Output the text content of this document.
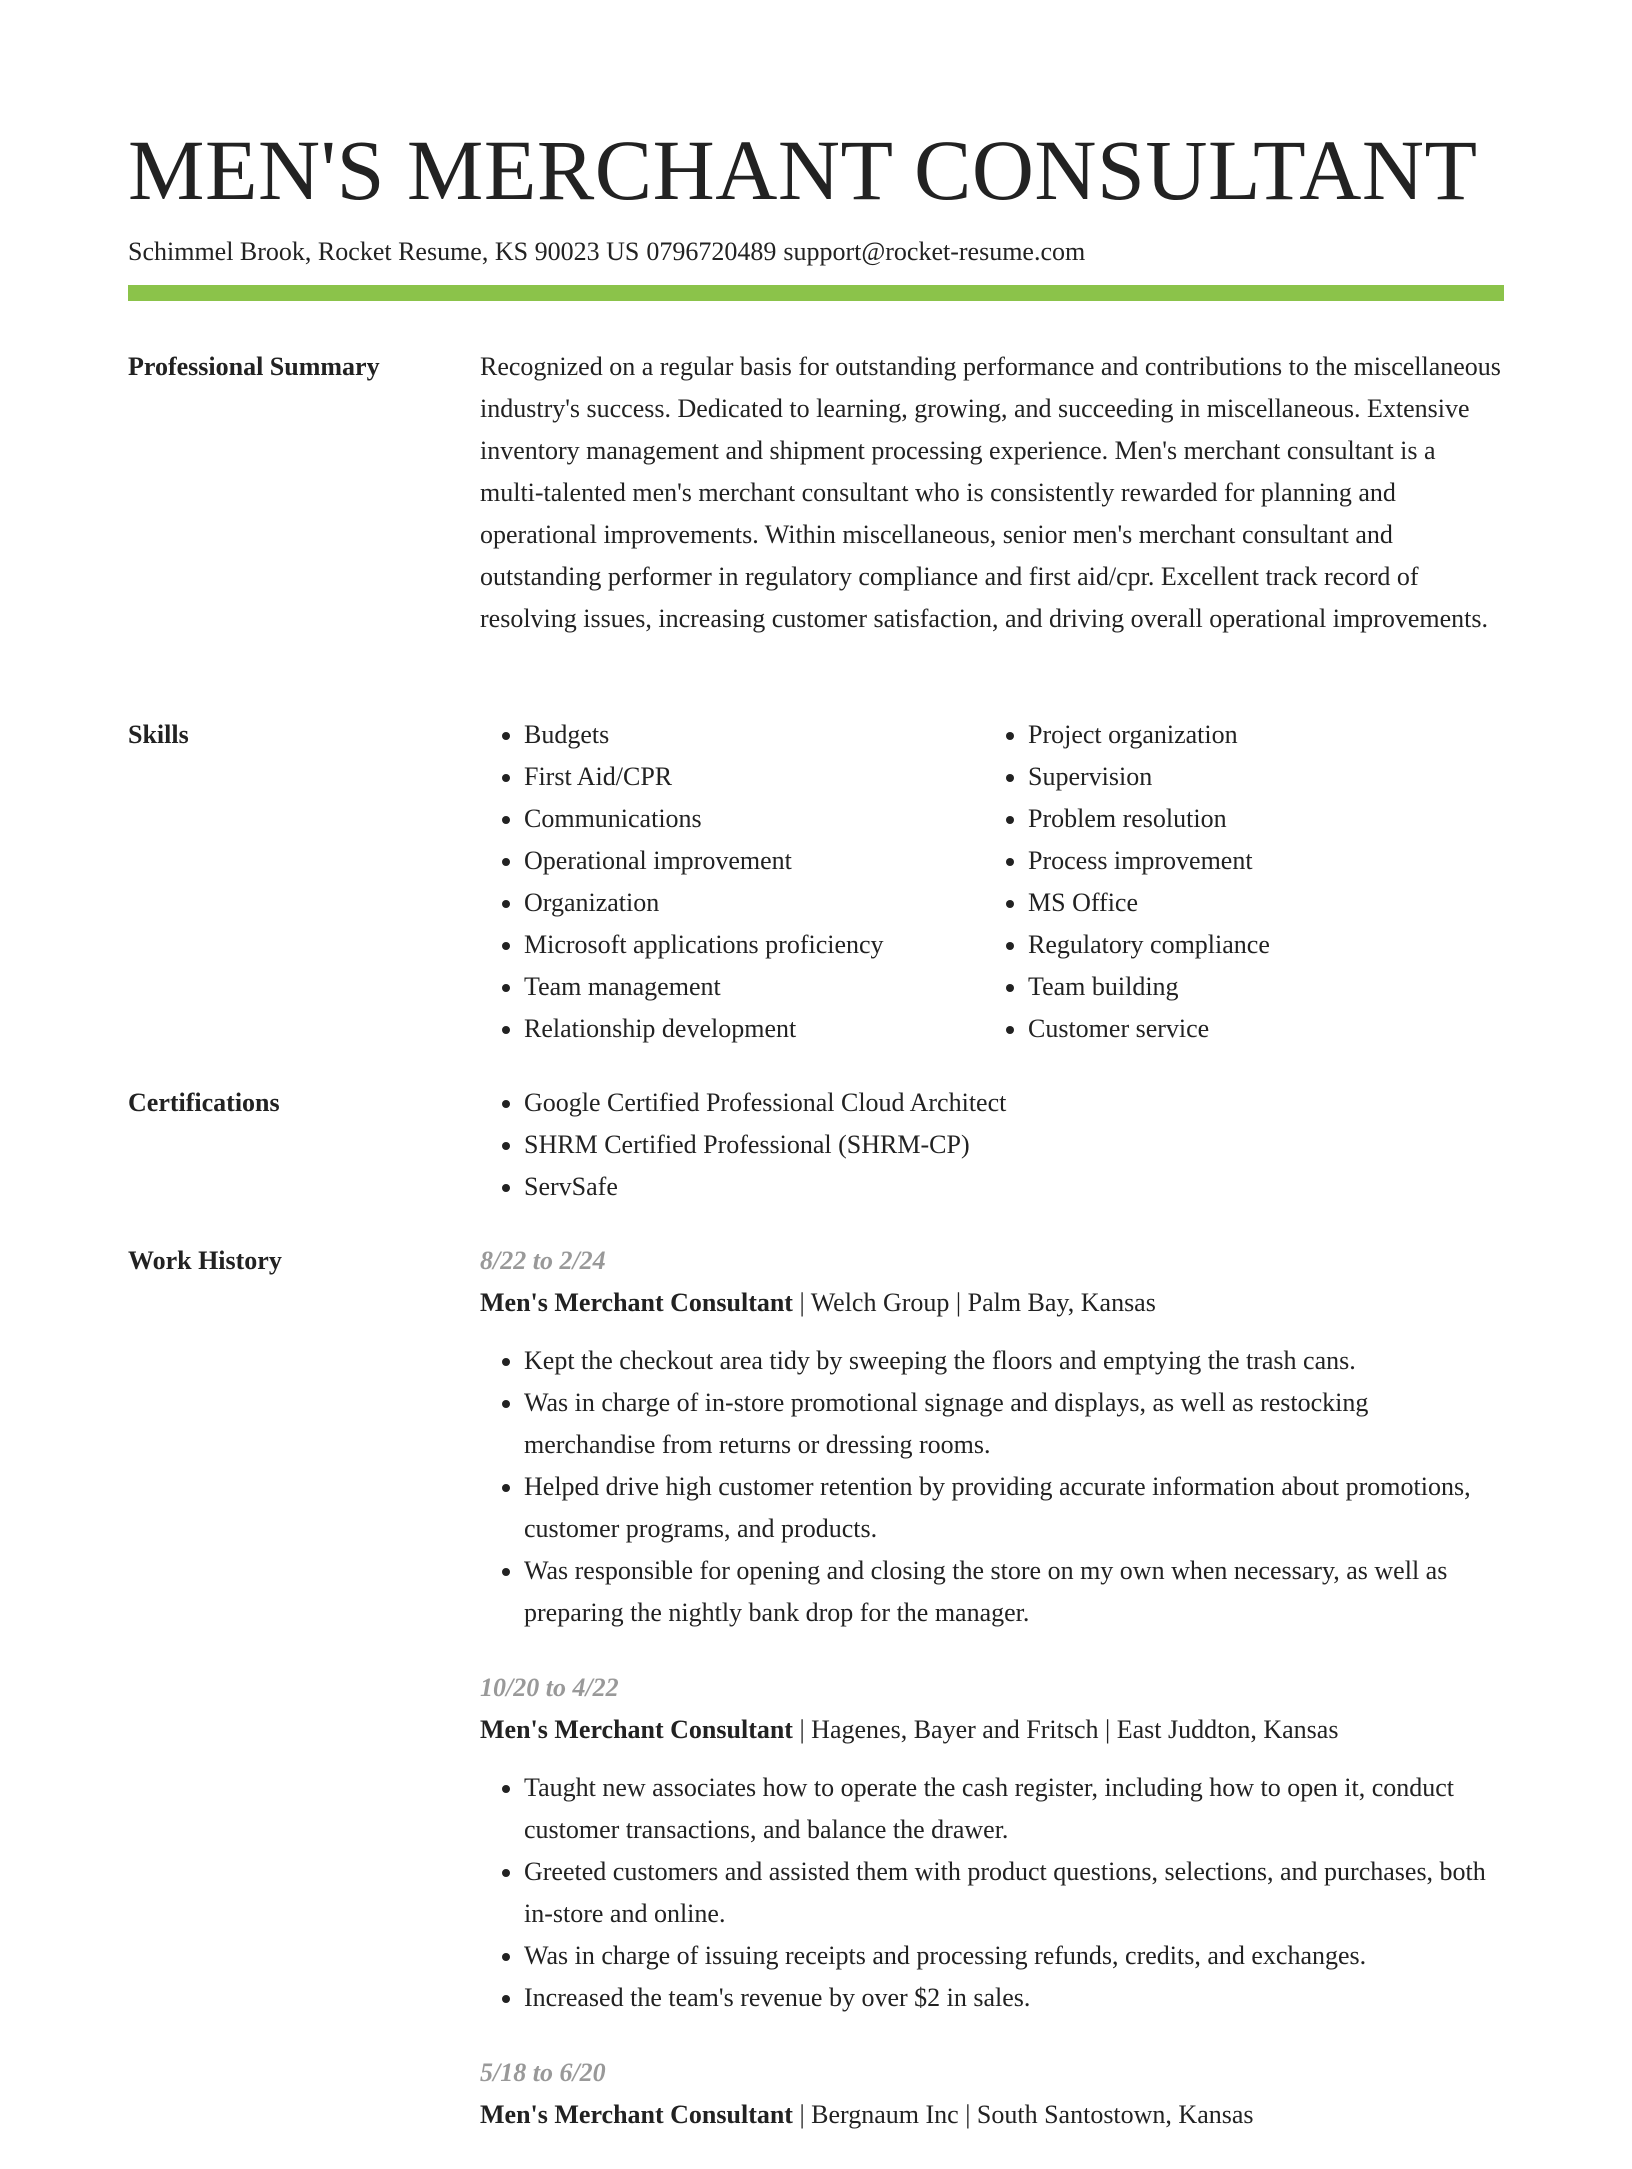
MEN'S MERCHANT CONSULTANT
Schimmel Brook, Rocket Resume, KS 90023 US 0796720489 support@rocket-resume.com
Professional Summary	Recognized on a regular basis for outstanding performance and contributions to the miscellaneous industry's success. Dedicated to learning, growing, and succeeding in miscellaneous. Extensive inventory management and shipment processing experience. Men's merchant consultant is a multi-talented men's merchant consultant who is consistently rewarded for planning and operational improvements. Within miscellaneous, senior men's merchant consultant and outstanding performer in regulatory compliance and first aid/cpr. Excellent track record of resolving issues, increasing customer satisfaction, and driving overall operational improvements.

Skills	• Budgets
• First Aid/CPR
• Communications
• Operational improvement
• Organization
• Microsoft applications proficiency
• Team management
• Relationship development
• Project organization
• Supervision
• Problem resolution
• Process improvement
• MS Office
• Regulatory compliance
• Team building
• Customer service
Certifications	• Google Certified Professional Cloud Architect
• SHRM Certified Professional (SHRM-CP)
• ServSafe
Work History	8/22 to 2/24
Men's Merchant Consultant | Welch Group | Palm Bay, Kansas
• Kept the checkout area tidy by sweeping the floors and emptying the trash cans.
• Was in charge of in-store promotional signage and displays, as well as restocking merchandise from returns or dressing rooms.
• Helped drive high customer retention by providing accurate information about promotions, customer programs, and products.
• Was responsible for opening and closing the store on my own when necessary, as well as preparing the nightly bank drop for the manager.
10/20 to 4/22
Men's Merchant Consultant | Hagenes, Bayer and Fritsch | East Juddton, Kansas
• Taught new associates how to operate the cash register, including how to open it, conduct customer transactions, and balance the drawer.
• Greeted customers and assisted them with product questions, selections, and purchases, both in-store and online.
• Was in charge of issuing receipts and processing refunds, credits, and exchanges.
• Increased the team's revenue by over $2 in sales.
5/18 to 6/20
Men's Merchant Consultant | Bergnaum Inc | South Santostown, Kansas
